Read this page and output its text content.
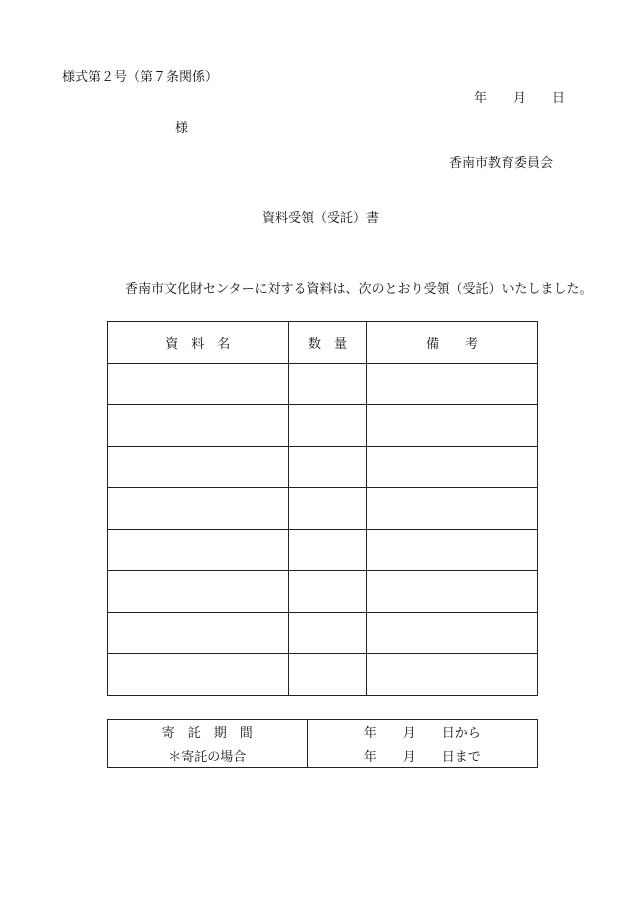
様式第２号（第７条関係）
年 月 日
様
香南市教育委員会
資料受領（受託）書
香南市文化財センターに対する資料は、次のとおり受領（受託）いたしました。
資　料　名	数　量	備　　考

寄　託　期　間	年　　月　　日から
＊寄託の場合	年　　月　　日まで
